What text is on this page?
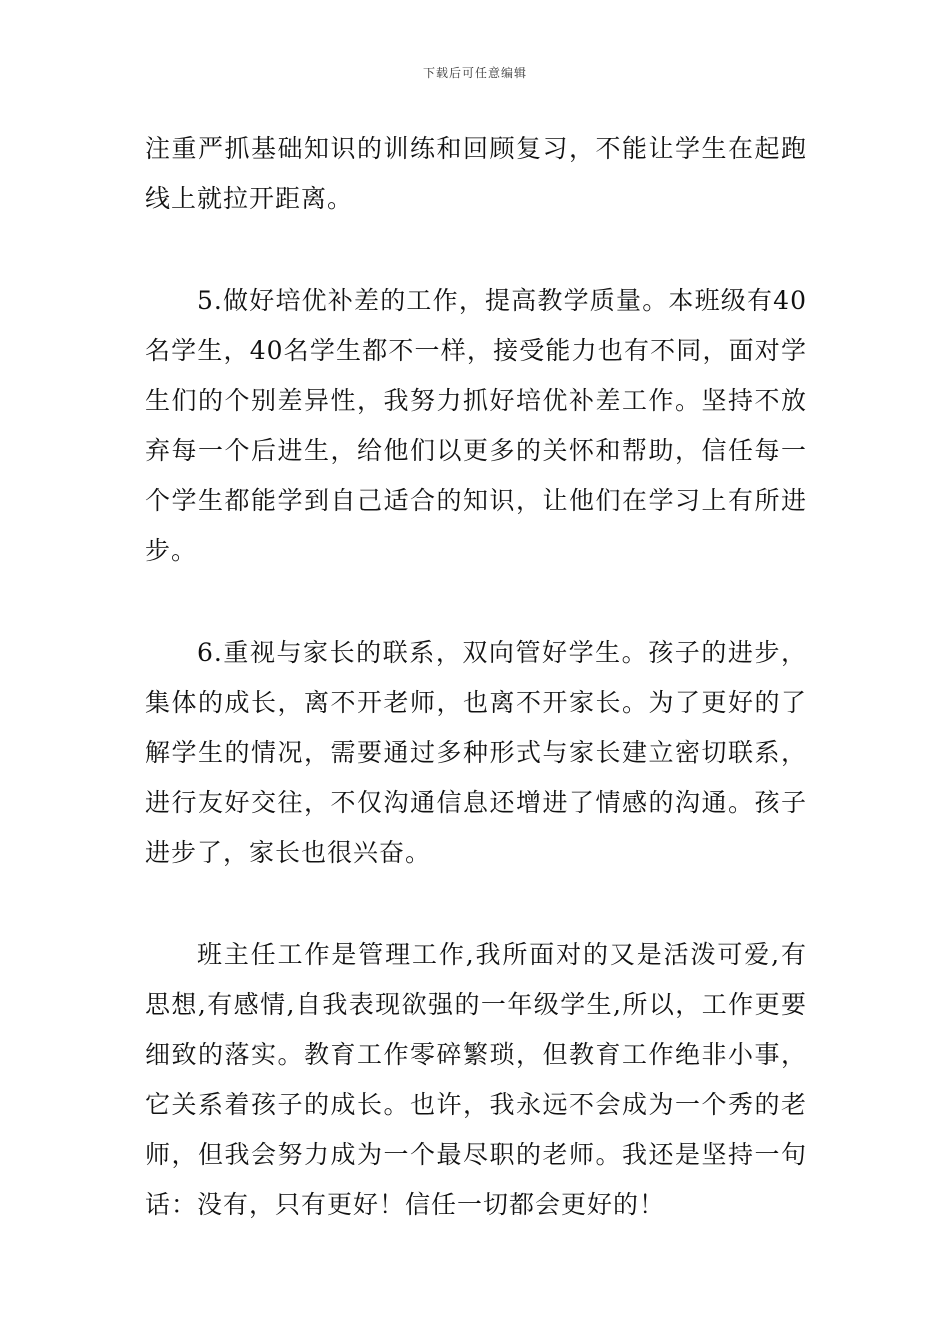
下载后可任意编辑

注重严抓基础知识的训练和回顾复习，不能让学生在起跑线上就拉开距离。

5.做好培优补差的工作，提高教学质量。本班级有40名学生，40名学生都不一样，接受能力也有不同，面对学生们的个别差异性，我努力抓好培优补差工作。坚持不放弃每一个后进生，给他们以更多的关怀和帮助，信任每一个学生都能学到自己适合的知识，让他们在学习上有所进步。

6.重视与家长的联系，双向管好学生。孩子的进步，集体的成长，离不开老师，也离不开家长。为了更好的了解学生的情况，需要通过多种形式与家长建立密切联系，进行友好交往，不仅沟通信息还增进了情感的沟通。孩子进步了，家长也很兴奋。

班主任工作是管理工作,我所面对的又是活泼可爱,有思想,有感情,自我表现欲强的一年级学生,所以，工作更要细致的落实。教育工作零碎繁琐，但教育工作绝非小事，它关系着孩子的成长。也许，我永远不会成为一个秀的老师，但我会努力成为一个最尽职的老师。我还是坚持一句话：没有，只有更好！信任一切都会更好的！
